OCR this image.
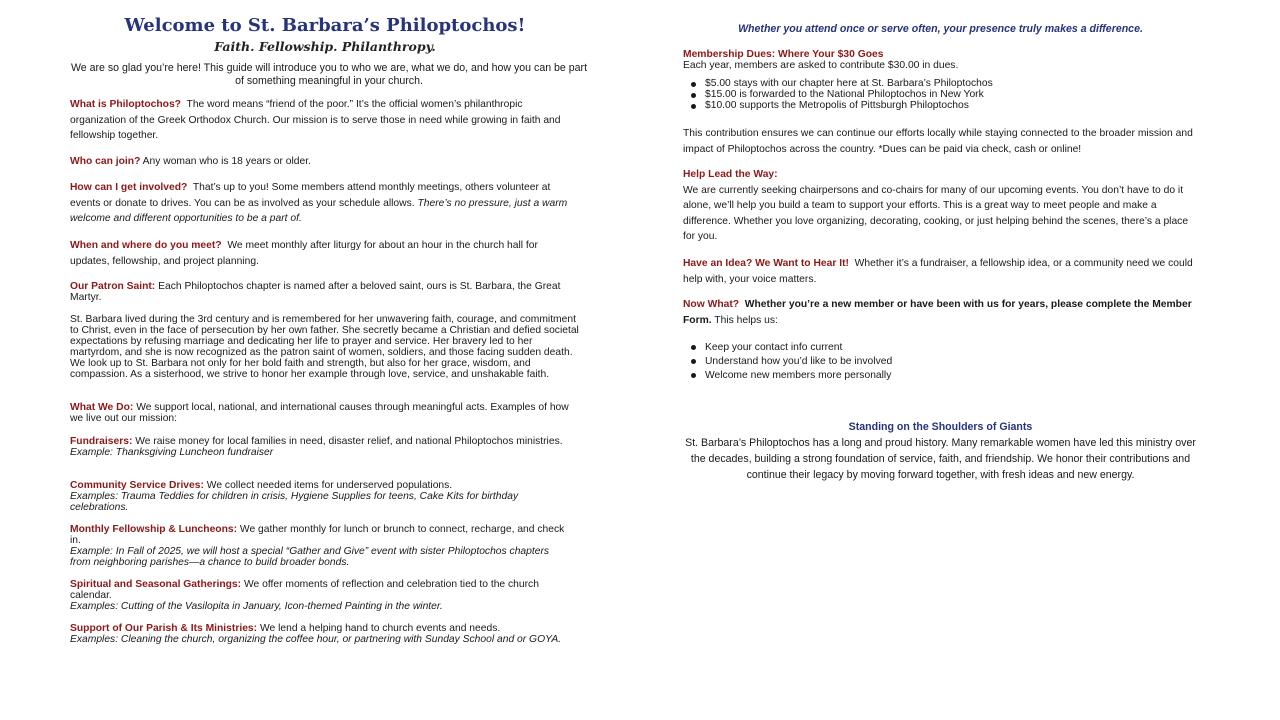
Welcome to St. Barbara’s Philoptochos!
Faith. Fellowship. Philanthropy.
We are so glad you’re here! This guide will introduce you to who we are, what we do, and how you can be part of something meaningful in your church.

What is Philoptochos? The word means “friend of the poor.” It’s the official women’s philanthropic organization of the Greek Orthodox Church. Our mission is to serve those in need while growing in faith and fellowship together.

Who can join? Any woman who is 18 years or older.

How can I get involved? That’s up to you! Some members attend monthly meetings, others volunteer at events or donate to drives. You can be as involved as your schedule allows. There’s no pressure, just a warm welcome and different opportunities to be a part of.

When and where do you meet? We meet monthly after liturgy for about an hour in the church hall for updates, fellowship, and project planning.

Our Patron Saint: Each Philoptochos chapter is named after a beloved saint, ours is St. Barbara, the Great Martyr.

St. Barbara lived during the 3rd century and is remembered for her unwavering faith, courage, and commitment to Christ, even in the face of persecution by her own father. She secretly became a Christian and defied societal expectations by refusing marriage and dedicating her life to prayer and service. Her bravery led to her martyrdom, and she is now recognized as the patron saint of women, soldiers, and those facing sudden death. We look up to St. Barbara not only for her bold faith and strength, but also for her grace, wisdom, and compassion. As a sisterhood, we strive to honor her example through love, service, and unshakable faith.

What We Do: We support local, national, and international causes through meaningful acts. Examples of how we live out our mission:

Fundraisers: We raise money for local families in need, disaster relief, and national Philoptochos ministries.
Example: Thanksgiving Luncheon fundraiser

Community Service Drives: We collect needed items for underserved populations.
Examples: Trauma Teddies for children in crisis, Hygiene Supplies for teens, Cake Kits for birthday celebrations.

Monthly Fellowship & Luncheons: We gather monthly for lunch or brunch to connect, recharge, and check in.
Example: In Fall of 2025, we will host a special “Gather and Give” event with sister Philoptochos chapters from neighboring parishes—a chance to build broader bonds.

Spiritual and Seasonal Gatherings: We offer moments of reflection and celebration tied to the church calendar.
Examples: Cutting of the Vasilopita in January, Icon-themed Painting in the winter.

Support of Our Parish & Its Ministries: We lend a helping hand to church events and needs.
Examples: Cleaning the church, organizing the coffee hour, or partnering with Sunday School and or GOYA.

Whether you attend once or serve often, your presence truly makes a difference.

Membership Dues: Where Your $30 Goes
Each year, members are asked to contribute $30.00 in dues.

$5.00 stays with our chapter here at St. Barbara’s Philoptochos
$15.00 is forwarded to the National Philoptochos in New York
$10.00 supports the Metropolis of Pittsburgh Philoptochos

This contribution ensures we can continue our efforts locally while staying connected to the broader mission and impact of Philoptochos across the country. *Dues can be paid via check, cash or online!

Help Lead the Way:
We are currently seeking chairpersons and co-chairs for many of our upcoming events. You don’t have to do it alone, we’ll help you build a team to support your efforts. This is a great way to meet people and make a difference. Whether you love organizing, decorating, cooking, or just helping behind the scenes, there’s a place for you.

Have an Idea? We Want to Hear It! Whether it’s a fundraiser, a fellowship idea, or a community need we could help with, your voice matters.

Now What? Whether you’re a new member or have been with us for years, please complete the Member Form. This helps us:

Keep your contact info current
Understand how you’d like to be involved
Welcome new members more personally
Standing on the Shoulders of Giants
St. Barbara’s Philoptochos has a long and proud history. Many remarkable women have led this ministry over the decades, building a strong foundation of service, faith, and friendship. We honor their contributions and continue their legacy by moving forward together, with fresh ideas and new energy.
